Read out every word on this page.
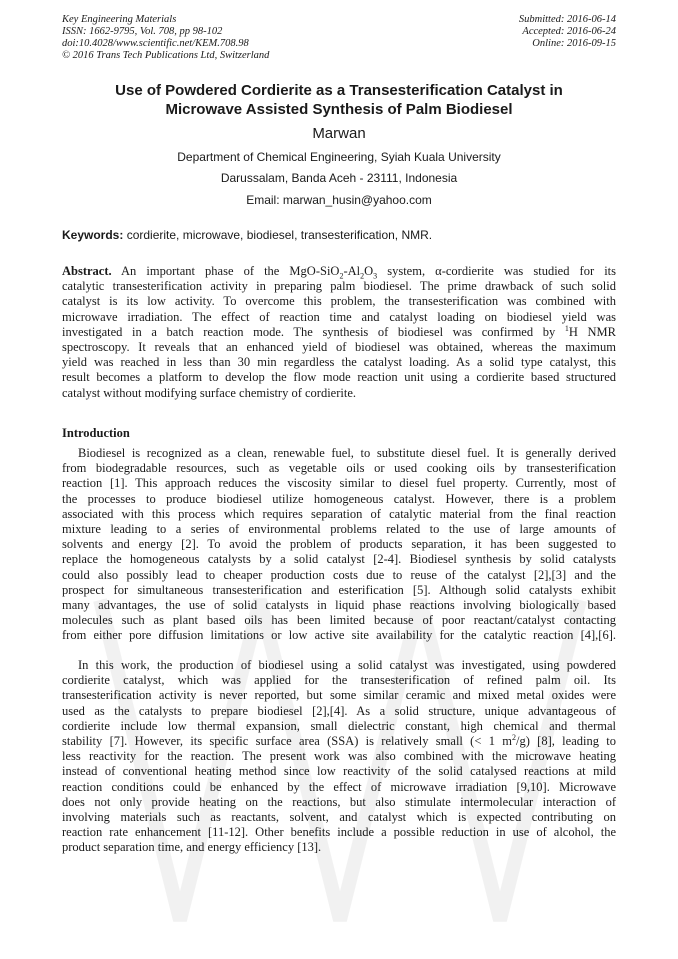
Key Engineering Materials
ISSN: 1662-9795, Vol. 708, pp 98-102
doi:10.4028/www.scientific.net/KEM.708.98
© 2016 Trans Tech Publications Ltd, Switzerland
Submitted: 2016-06-14
Accepted: 2016-06-24
Online: 2016-09-15
Use of Powdered Cordierite as a Transesterification Catalyst in
Microwave Assisted Synthesis of Palm Biodiesel
Marwan
Department of Chemical Engineering, Syiah Kuala University
Darussalam, Banda Aceh - 23111, Indonesia
Email: marwan_husin@yahoo.com
Keywords: cordierite, microwave, biodiesel, transesterification, NMR.
Abstract. An important phase of the MgO-$SiO_2-Al_2O_3$ system, α-cordierite was studied for its
catalytic transesterification activity in preparing palm biodiesel. The prime drawback of such solid
catalyst is its low activity. To overcome this problem, the transesterification was combined with
microwave irradiation. The effect of reaction time and catalyst loading on biodiesel yield was
investigated in a batch reaction mode. The synthesis of biodiesel was confirmed by $^1$H NMR
spectroscopy. It reveals that an enhanced yield of biodiesel was obtained, whereas the maximum
yield was reached in less than 30 min regardless the catalyst loading. As a solid type catalyst, this
result becomes a platform to develop the flow mode reaction unit using a cordierite based structured
catalyst without modifying surface chemistry of cordierite.
Introduction
Biodiesel is recognized as a clean, renewable fuel, to substitute diesel fuel. It is generally derived
from biodegradable resources, such as vegetable oils or used cooking oils by transesterification
reaction [1]. This approach reduces the viscosity similar to diesel fuel property. Currently, most of
the processes to produce biodiesel utilize homogeneous catalyst. However, there is a problem
associated with this process which requires separation of catalytic material from the final reaction
mixture leading to a series of environmental problems related to the use of large amounts of
solvents and energy [2]. To avoid the problem of products separation, it has been suggested to
replace the homogeneous catalysts by a solid catalyst [2-4]. Biodiesel synthesis by solid catalysts
could also possibly lead to cheaper production costs due to reuse of the catalyst [2],[3] and the
prospect for simultaneous transesterification and esterification [5]. Although solid catalysts exhibit
many advantages, the use of solid catalysts in liquid phase reactions involving biologically based
molecules such as plant based oils has been limited because of poor reactant/catalyst contacting
from either pore diffusion limitations or low active site availability for the catalytic reaction [4],[6].
In this work, the production of biodiesel using a solid catalyst was investigated, using powdered
cordierite catalyst, which was applied for the transesterification of refined palm oil. Its
transesterification activity is never reported, but some similar ceramic and mixed metal oxides were
used as the catalysts to prepare biodiesel [2],[4]. As a solid structure, unique advantageous of
cordierite include low thermal expansion, small dielectric constant, high chemical and thermal
stability [7]. However, its specific surface area (SSA) is relatively small (< 1 $m^2/g$) [8], leading to
less reactivity for the reaction. The present work was also combined with the microwave heating
instead of conventional heating method since low reactivity of the solid catalysed reactions at mild
reaction conditions could be enhanced by the effect of microwave irradiation [9,10]. Microwave
does not only provide heating on the reactions, but also stimulate intermolecular interaction of
involving materials such as reactants, solvent, and catalyst which is expected contributing on
reaction rate enhancement [11-12]. Other benefits include a possible reduction in use of alcohol, the
product separation time, and energy efficiency [13].
